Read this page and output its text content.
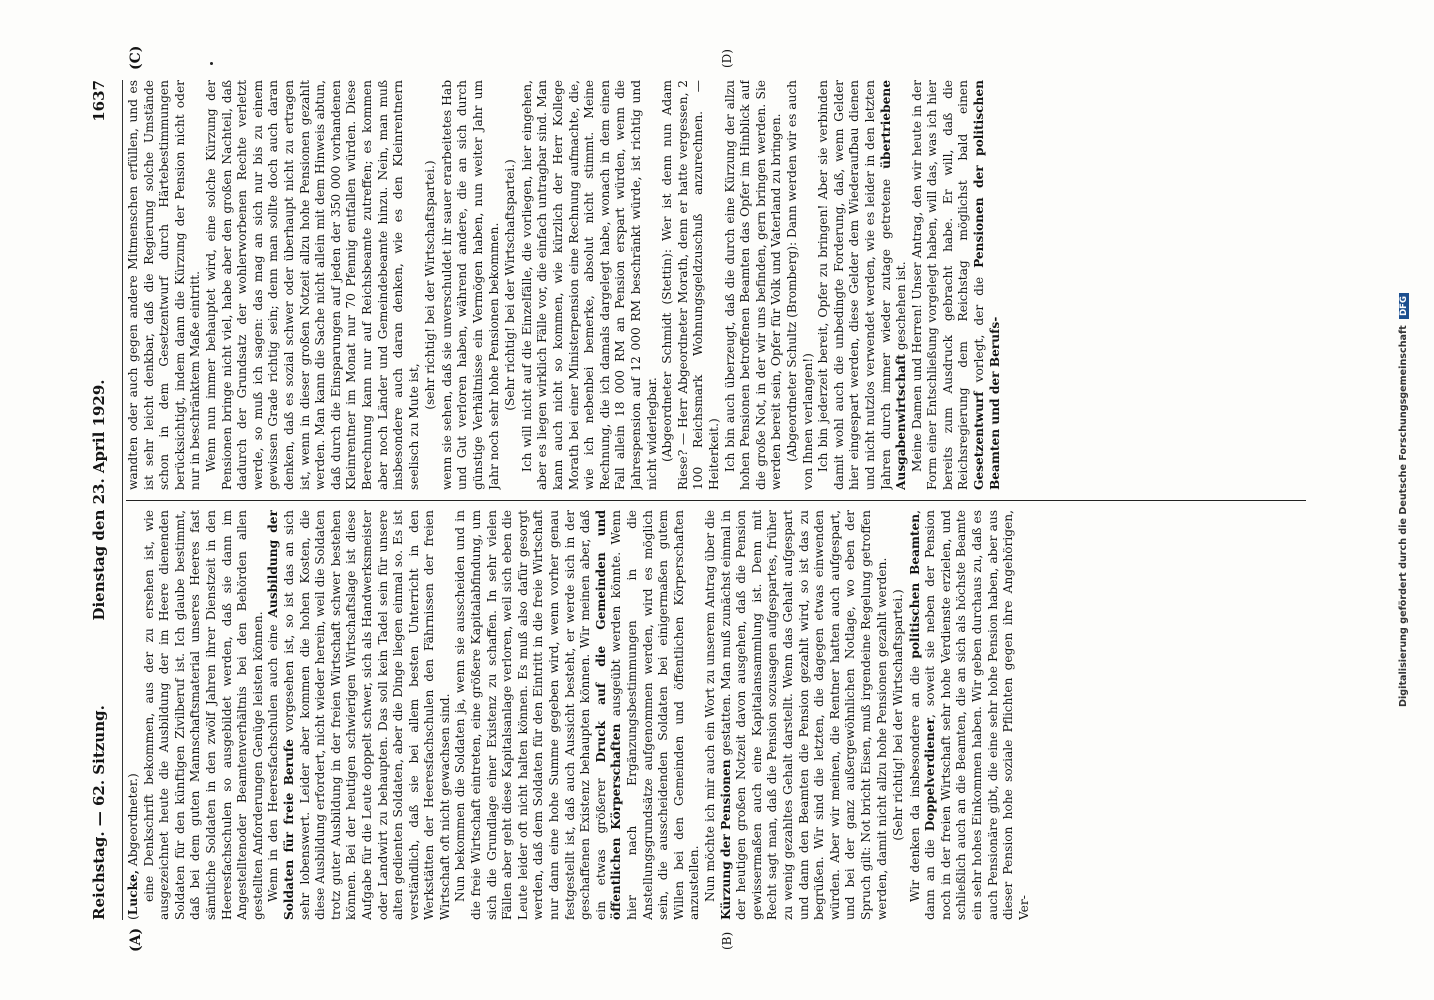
Reichstag. — 62. Sitzung.
Dienstag den 23. April 1929.
1637
(A)	(B)
(C)	(D)

(Lucke, Abgeordneter.) eine Denkschrift bekommen, aus der zu ersehen ist, wie ausgezeichnet heute die Ausbildung der im Heere dienenden Soldaten für den künftigen Zivilberuf ist. Ich glaube bestimmt, daß bei dem guten Mannschaftsmaterial unseres Heeres fast sämtliche Soldaten in den zwölf Jahren ihrer Dienstzeit in den Heeresfachschulen so ausgebildet werden, daß sie dann im Angestelltenoder Beamtenverhältnis bei den Behörden allen gestellten Anforderungen Genüge leisten können. Wenn in den Heeresfachschulen auch eine Ausbildung der Soldaten für freie Berufe vorgesehen ist, so ist das an sich sehr lobenswert. Leider aber kommen die hohen Kosten, die diese Ausbildung erfordert, nicht wieder herein, weil die Soldaten trotz guter Ausbildung in der freien Wirtschaft schwer bestehen können. Bei der heutigen schwierigen Wirtschaftslage ist diese Aufgabe für die Leute doppelt schwer, sich als Handwerksmeister oder Landwirt zu behaupten. Das soll kein Tadel sein für unsere alten gedienten Soldaten, aber die Dinge liegen einmal so. Es ist verständlich, daß sie bei allem besten Unterricht in den Werkstätten der Heeresfachschulen den Fährnissen der freien Wirtschaft oft nicht gewachsen sind. Nun bekommen die Soldaten ja, wenn sie ausscheiden und in die freie Wirtschaft eintreten, eine größere Kapitalabfindung, um sich die Grundlage einer Existenz zu schaffen. In sehr vielen Fällen aber geht diese Kapitalsanlage verloren, weil sich eben die Leute leider oft nicht halten können. Es muß also dafür gesorgt werden, daß dem Soldaten für den Eintritt in die freie Wirtschaft nur dann eine hohe Summe gegeben wird, wenn vorher genau festgestellt ist, daß auch Aussicht besteht, er werde sich in der geschaffenen Existenz behaupten können. Wir meinen aber, daß ein etwas größerer Druck auf die Gemeinden und öffentlichen Körperschaften ausgeübt werden könnte. Wenn hier nach Ergänzungsbestimmungen in die Anstellungsgrundsätze aufgenommen werden, wird es möglich sein, die ausscheidenden Soldaten bei einigermaßen gutem Willen bei den Gemeinden und öffentlichen Körperschaften anzustellen. Nun möchte ich mir auch ein Wort zu unserem Antrag über die Kürzung der Pensionen gestatten. Man muß zunächst einmal in der heutigen großen Notzeit davon ausgehen, daß die Pension gewissermaßen auch eine Kapitalansammlung ist. Denn mit Recht sagt man, daß die Pension sozusagen aufgespartes, früher zu wenig gezahltes Gehalt darstellt. Wenn das Gehalt aufgespart und dann den Beamten die Pension gezahlt wird, so ist das zu begrüßen. Wir sind die letzten, die dagegen etwas einwenden würden. Aber wir meinen, die Rentner hatten auch aufgespart, und bei der ganz außergewöhnlichen Notlage, wo eben der Spruch gilt: Not bricht Eisen, muß irgendeine Regelung getroffen werden, damit nicht allzu hohe Pensionen gezahlt werden. (Sehr richtig! bei der Wirtschaftspartei.) Wir denken da insbesondere an die politischen Beamten, dann an die Doppelverdiener, soweit sie neben der Pension noch in der freien Wirtschaft sehr hohe Verdienste erzielen, und schließlich auch an die Beamten, die an sich als höchste Beamte ein sehr hohes Einkommen haben. Wir geben durchaus zu, daß es auch Pensionäre gibt, die eine sehr hohe Pension haben, aber aus dieser Pension hohe soziale Pflichten gegen ihre Angehörigen, Ver-

wandten oder auch gegen andere Mitmenschen erfüllen, und es ist sehr leicht denkbar, daß die Regierung solche Umstände schon in dem Gesetzentwurf durch Härtebestimmungen berücksichtigt, indem dann die Kürzung der Pension nicht oder nur in beschränktem Maße eintritt. Wenn nun immer behauptet wird, eine solche Kürzung der Pensionen bringe nicht viel, habe aber den großen Nachteil, daß dadurch der Grundsatz der wohlerworbenen Rechte verletzt werde, so muß ich sagen: das mag an sich nur bis zu einem gewissen Grade richtig sein; denn man sollte doch auch daran denken, daß es sozial schwer oder überhaupt nicht zu ertragen ist, wenn in dieser großen Notzeit allzu hohe Pensionen gezahlt werden. Man kann die Sache nicht allein mit dem Hinweis abtun, daß durch die Einsparungen auf jeden der 350 000 vorhandenen Kleinrentner im Monat nur 70 Pfennig entfallen würden. Diese Berechnung kann nur auf Reichsbeamte zutreffen; es kommen aber noch Länder und Gemeindebeamte hinzu. Nein, man muß insbesondere auch daran denken, wie es den Kleinrentnern seelisch zu Mute ist,

(sehr richtig! bei der Wirtschaftspartei.) wenn sie sehen, daß sie unverschuldet ihr sauer erarbeitetes Hab und Gut verloren haben, während andere, die an sich durch günstige Verhältnisse ein Vermögen haben, nun weiter Jahr um Jahr noch sehr hohe Pensionen bekommen. (Sehr richtig! bei der Wirtschaftspartei.) Ich will nicht auf die Einzelfälle, die vorliegen, hier eingehen, aber es liegen wirklich Fälle vor, die einfach untragbar sind. Man kann auch nicht so kommen, wie kürzlich der Herr Kollege Morath bei einer Ministerpension eine Rechnung aufmachte, die, wie ich nebenbei bemerke, absolut nicht stimmt. Meine Rechnung, die ich damals dargelegt habe, wonach in dem einen Fall allein 18 000 RM an Pension erspart würden, wenn die Jahrespension auf 12 000 RM beschränkt würde, ist richtig und nicht widerlegbar. (Abgeordneter Schmidt (Stettin): Wer ist denn nun Adam Riese? — Herr Abgeordneter Morath, denn er hatte vergessen, 2 100 Reichsmark Wohnungsgeldzuschuß anzurechnen. — Heiterkeit.) Ich bin auch überzeugt, daß die durch eine Kürzung der allzu hohen Pensionen betroffenen Beamten das Opfer im Hinblick auf die große Not, in der wir uns befinden, gern bringen werden. Sie werden bereit sein, Opfer für Volk und Vaterland zu bringen. (Abgeordneter Schultz (Bromberg): Dann werden wir es auch von Ihnen verlangen!) Ich bin jederzeit bereit, Opfer zu bringen! Aber sie verbinden damit wohl auch die unbedingte Forderung, daß, wenn Gelder hier eingespart werden, diese Gelder dem Wiederaufbau dienen und nicht nutzlos verwendet werden, wie es leider in den letzten Jahren durch immer wieder zutage getretene übertriebene Ausgabenwirtschaft geschehen ist. Meine Damen und Herren! Unser Antrag, den wir heute in der Form einer Entschließung vorgelegt haben, will das, was ich hier bereits zum Ausdruck gebracht habe. Er will, daß die Reichsregierung dem Reichstag möglichst bald einen Gesetzentwurf vorlegt, der die Pensionen der politischen Beamten und der Berufs-	Digitalisierung gefördert durch die Deutsche Forschungsgemeinschaft DFG
